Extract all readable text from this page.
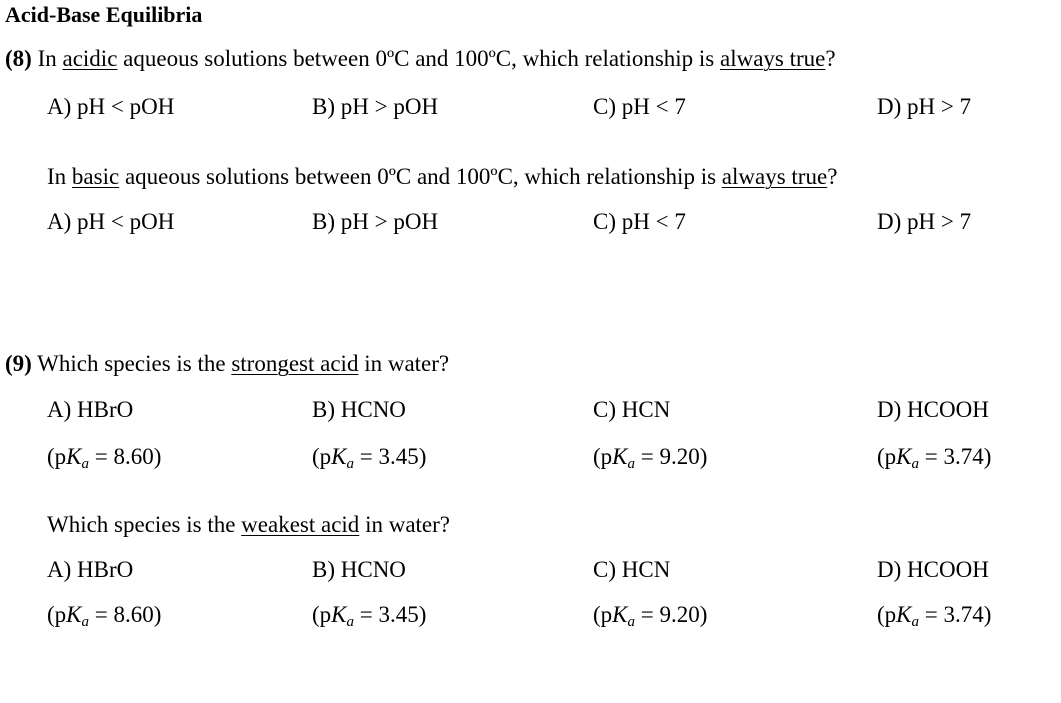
Acid-Base Equilibria
(8) In acidic aqueous solutions between 0ºC and 100ºC, which relationship is always true?
A) pH < pOH	B) pH > pOH	C) pH < 7	D) pH > 7
In basic aqueous solutions between 0ºC and 100ºC, which relationship is always true?
A) pH < pOH	B) pH > pOH	C) pH < 7	D) pH > 7
(9) Which species is the strongest acid in water?
A) HBrO	B) HCNO	C) HCN	D) HCOOH
$(pK_a = 8.60)$	$(pK_a = 3.45)$	$(pK_a = 9.20)$	$(pK_a = 3.74)$
Which species is the weakest acid in water?
A) HBrO	B) HCNO	C) HCN	D) HCOOH
$(pK_a = 8.60)$	$(pK_a = 3.45)$	$(pK_a = 9.20)$	$(pK_a = 3.74)$
